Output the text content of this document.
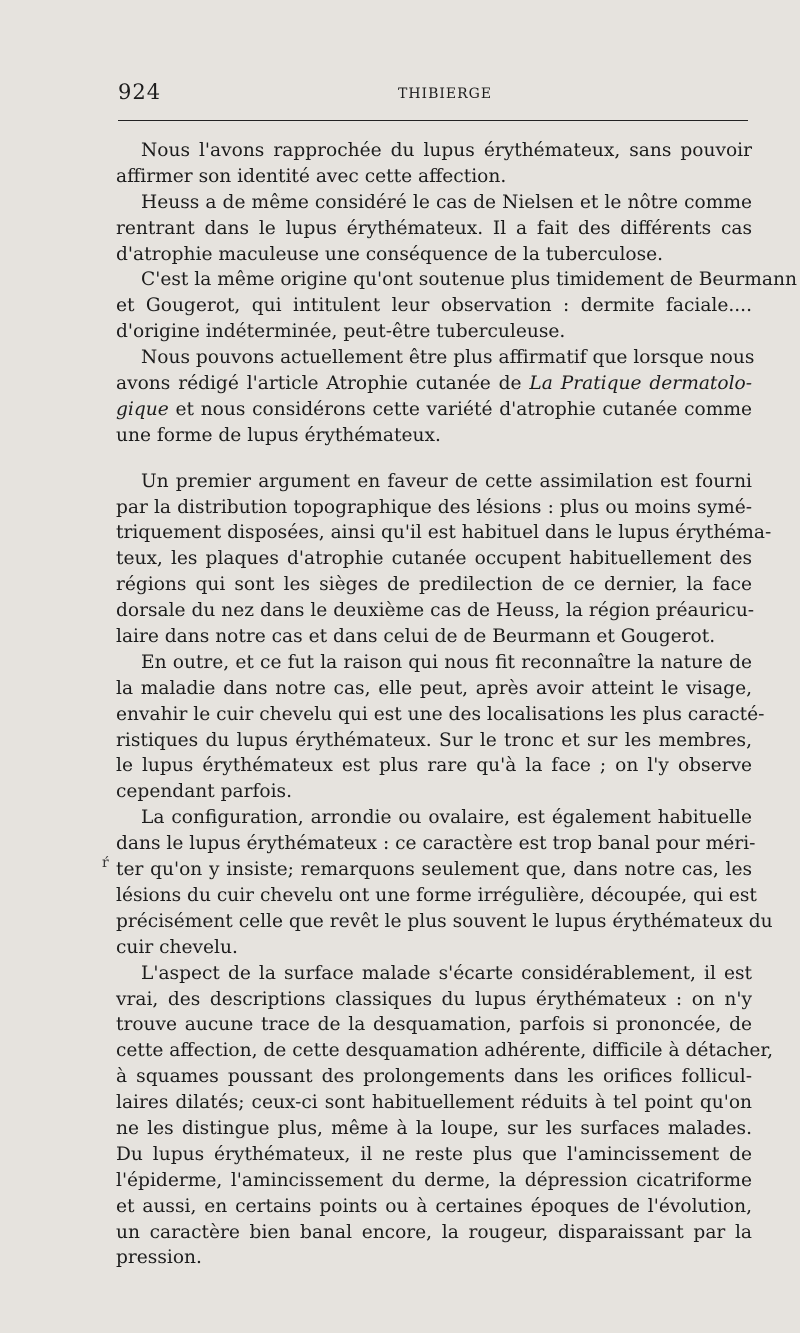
924	THIBIERGE
Nous l'avons rapprochée du lupus érythémateux, sans pouvoir
affirmer son identité avec cette affection.
Heuss a de même considéré le cas de Nielsen et le nôtre comme
rentrant dans le lupus érythémateux. Il a fait des différents cas
d'atrophie maculeuse une conséquence de la tuberculose.
C'est la même origine qu'ont soutenue plus timidement de Beurmann
et Gougerot, qui intitulent leur observation : dermite faciale....
d'origine indéterminée, peut-être tuberculeuse.
Nous pouvons actuellement être plus affirmatif que lorsque nous
avons rédigé l'article Atrophie cutanée de La Pratique dermatolo-
gique et nous considérons cette variété d'atrophie cutanée comme
une forme de lupus érythémateux.
Un premier argument en faveur de cette assimilation est fourni
par la distribution topographique des lésions : plus ou moins symé-
triquement disposées, ainsi qu'il est habituel dans le lupus érythéma-
teux, les plaques d'atrophie cutanée occupent habituellement des
régions qui sont les sièges de predilection de ce dernier, la face
dorsale du nez dans le deuxième cas de Heuss, la région préauricu-
laire dans notre cas et dans celui de de Beurmann et Gougerot.
En outre, et ce fut la raison qui nous fit reconnaître la nature de
la maladie dans notre cas, elle peut, après avoir atteint le visage,
envahir le cuir chevelu qui est une des localisations les plus caracté-
ristiques du lupus érythémateux. Sur le tronc et sur les membres,
le lupus érythémateux est plus rare qu'à la face ; on l'y observe
cependant parfois.
La configuration, arrondie ou ovalaire, est également habituelle
dans le lupus érythémateux : ce caractère est trop banal pour méri-
ter qu'on y insiste; remarquons seulement que, dans notre cas, les
lésions du cuir chevelu ont une forme irrégulière, découpée, qui est
précisément celle que revêt le plus souvent le lupus érythémateux du
cuir chevelu.
L'aspect de la surface malade s'écarte considérablement, il est
vrai, des descriptions classiques du lupus érythémateux : on n'y
trouve aucune trace de la desquamation, parfois si prononcée, de
cette affection, de cette desquamation adhérente, difficile à détacher,
à squames poussant des prolongements dans les orifices follicul-
laires dilatés; ceux-ci sont habituellement réduits à tel point qu'on
ne les distingue plus, même à la loupe, sur les surfaces malades.
Du lupus érythémateux, il ne reste plus que l'amincissement de
l'épiderme, l'amincissement du derme, la dépression cicatriforme
et aussi, en certains points ou à certaines époques de l'évolution,
un caractère bien banal encore, la rougeur, disparaissant par la
pression.
ŕ
